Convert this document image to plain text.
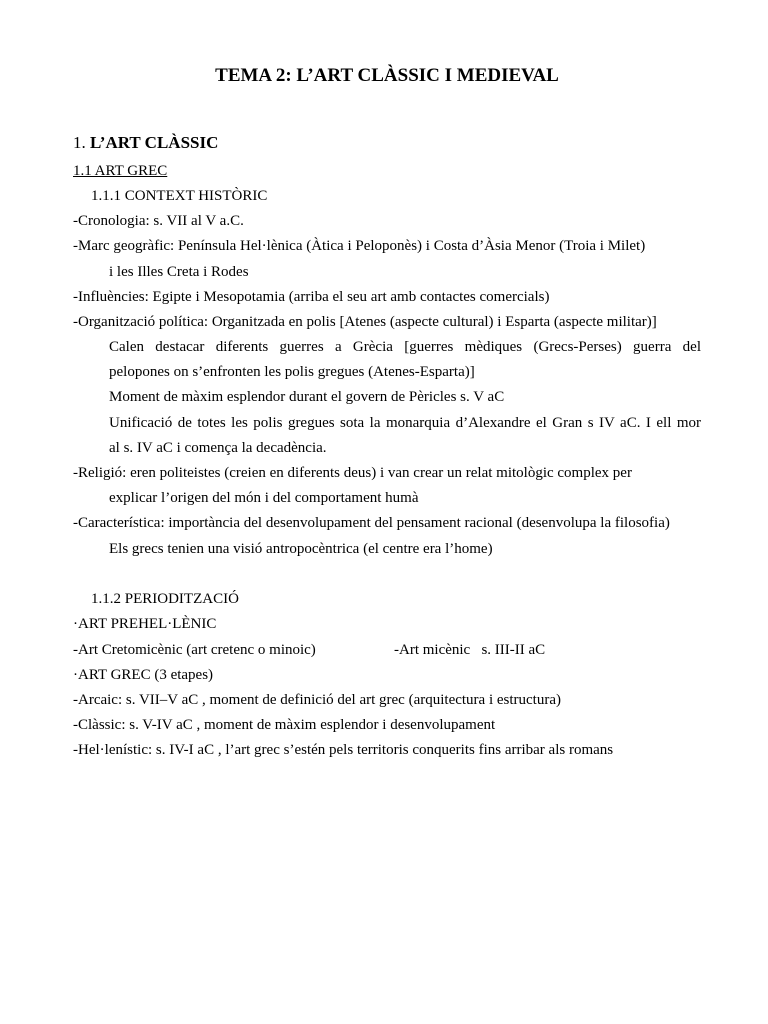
TEMA 2: L’ART CLÀSSIC I MEDIEVAL
1. L’ART CLÀSSIC
1.1 ART GREC
1.1.1 CONTEXT HISTÒRIC
-Cronologia: s. VII al V a.C.
-Marc geogràfic: Península Hel·lènica (Àtica i Peloponès) i Costa d’Àsia Menor (Troia i Milet)
i les Illes Creta i Rodes
-Influències: Egipte i Mesopotamia (arriba el seu art amb contactes comercials)
-Organització política: Organitzada en polis [Atenes (aspecte cultural) i Esparta (aspecte militar)]
Calen destacar diferents guerres a Grècia [guerres mèdiques (Grecs-Perses) guerra del
pelopones on s’enfronten les polis gregues (Atenes-Esparta)]
Moment de màxim esplendor durant el govern de Pèricles s. V aC
Unificació de totes les polis gregues sota la monarquia d’Alexandre el Gran s IV aC. I ell mor
al s. IV aC i comença la decadència.
-Religió: eren politeistes (creien en diferents deus) i van crear un relat mitològic complex per
explicar l’origen del món i del comportament humà
-Característica: importància del desenvolupament del pensament racional (desenvolupa la filosofia)
Els grecs tenien una visió antropocèntrica (el centre era l’home)
1.1.2 PERIODITZACIÓ
·ART PREHEL·LÈNIC
-Art Cretomicènic (art cretenc o minoic)	-Art micènic   s. III-II aC
·ART GREC (3 etapes)
-Arcaic: s. VII–V aC , moment de definició del art grec (arquitectura i estructura)
-Clàssic: s. V-IV aC , moment de màxim esplendor i desenvolupament
-Hel·lenístic: s. IV-I aC , l’art grec s’estén pels territoris conquerits fins arribar als romans
